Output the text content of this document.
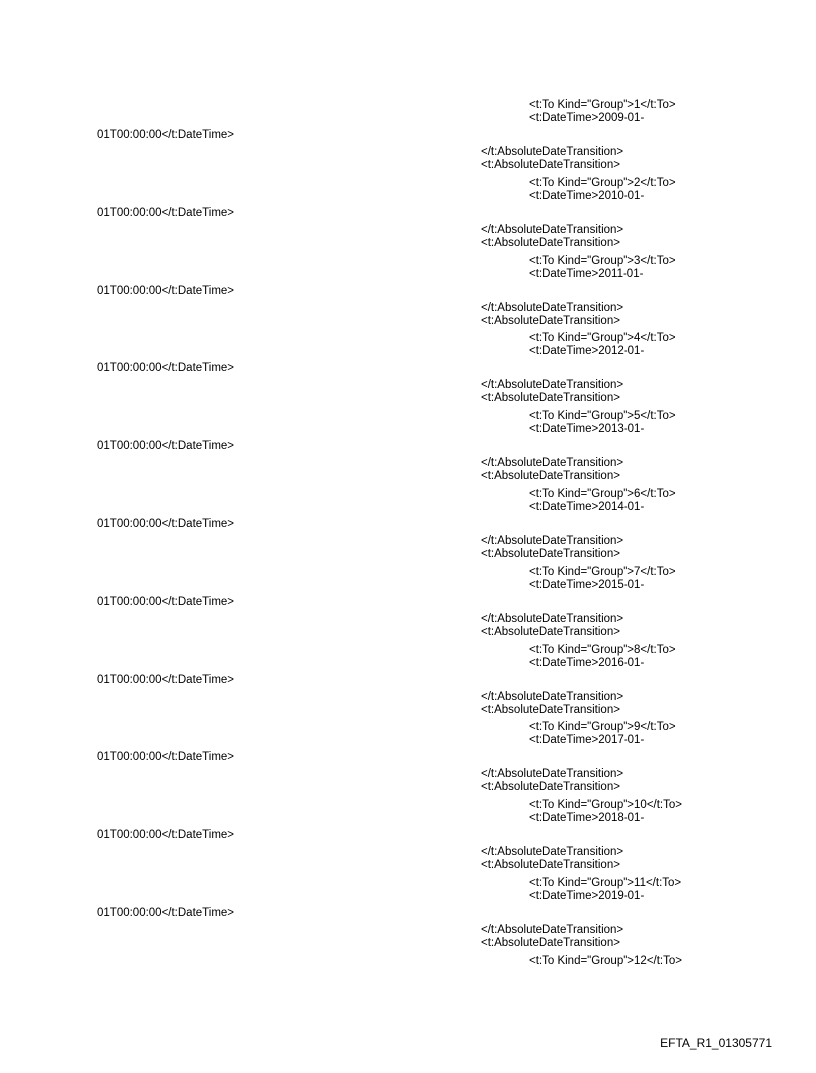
<t:To Kind="Group">1</t:To>
<t:DateTime>2009-01-
01T00:00:00</t:DateTime>
</t:AbsoluteDateTransition>
<t:AbsoluteDateTransition>
<t:To Kind="Group">2</t:To>
<t:DateTime>2010-01-
01T00:00:00</t:DateTime>
</t:AbsoluteDateTransition>
<t:AbsoluteDateTransition>
<t:To Kind="Group">3</t:To>
<t:DateTime>2011-01-
01T00:00:00</t:DateTime>
</t:AbsoluteDateTransition>
<t:AbsoluteDateTransition>
<t:To Kind="Group">4</t:To>
<t:DateTime>2012-01-
01T00:00:00</t:DateTime>
</t:AbsoluteDateTransition>
<t:AbsoluteDateTransition>
<t:To Kind="Group">5</t:To>
<t:DateTime>2013-01-
01T00:00:00</t:DateTime>
</t:AbsoluteDateTransition>
<t:AbsoluteDateTransition>
<t:To Kind="Group">6</t:To>
<t:DateTime>2014-01-
01T00:00:00</t:DateTime>
</t:AbsoluteDateTransition>
<t:AbsoluteDateTransition>
<t:To Kind="Group">7</t:To>
<t:DateTime>2015-01-
01T00:00:00</t:DateTime>
</t:AbsoluteDateTransition>
<t:AbsoluteDateTransition>
<t:To Kind="Group">8</t:To>
<t:DateTime>2016-01-
01T00:00:00</t:DateTime>
</t:AbsoluteDateTransition>
<t:AbsoluteDateTransition>
<t:To Kind="Group">9</t:To>
<t:DateTime>2017-01-
01T00:00:00</t:DateTime>
</t:AbsoluteDateTransition>
<t:AbsoluteDateTransition>
<t:To Kind="Group">10</t:To>
<t:DateTime>2018-01-
01T00:00:00</t:DateTime>
</t:AbsoluteDateTransition>
<t:AbsoluteDateTransition>
<t:To Kind="Group">11</t:To>
<t:DateTime>2019-01-
01T00:00:00</t:DateTime>
</t:AbsoluteDateTransition>
<t:AbsoluteDateTransition>
<t:To Kind="Group">12</t:To>
EFTA_R1_01305771
